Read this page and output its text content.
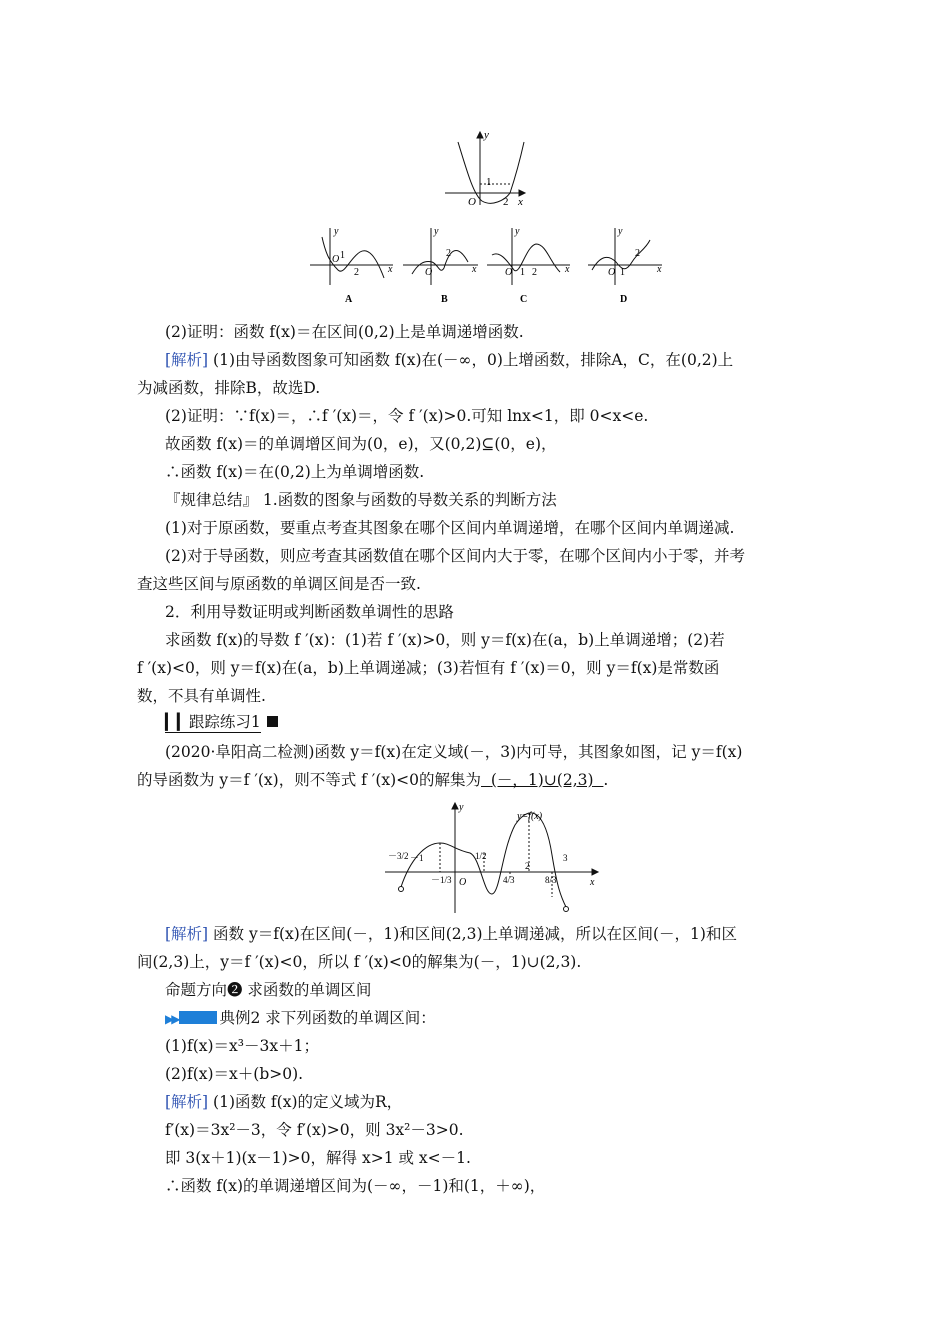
y
x
O
1
2
y
x
y
x
y
x
y
x
O 1
2	O
2
O 1 2	O 1
2
A	B	C	D
(2)证明：函数 f(x)＝在区间(0,2)上是单调递增函数.
[解析] (1)由导函数图象可知函数 f(x)在(－∞，0)上增函数，排除A，C，在(0,2)上
为减函数，排除B，故选D.
(2)证明：∵f(x)＝，∴f ′(x)＝，令 f ′(x)>0.可知 lnx<1，即 0<x<e.
故函数 f(x)＝的单调增区间为(0，e)，又(0,2)⊆(0，e)，
∴函数 f(x)＝在(0,2)上为单调增函数.
『规律总结』 1.函数的图象与函数的导数关系的判断方法
(1)对于原函数，要重点考查其图象在哪个区间内单调递增，在哪个区间内单调递减.
(2)对于导函数，则应考查其函数值在哪个区间内大于零，在哪个区间内小于零，并考
查这些区间与原函数的单调区间是否一致.
2．利用导数证明或判断函数单调性的思路
求函数 f(x)的导数 f ′(x)：(1)若 f ′(x)>0，则 y＝f(x)在(a，b)上单调递增；(2)若
f ′(x)<0，则 y＝f(x)在(a，b)上单调递减；(3)若恒有 f ′(x)＝0，则 y＝f(x)是常数函
数，不具有单调性.
▎▎跟踪练习1
(2020·阜阳高二检测)函数 y＝f(x)在定义域(－，3)内可导，其图象如图，记 y＝f(x)
的导函数为 y＝f ′(x)，则不等式 f ′(x)<0的解集为 (－，1)∪(2,3) .
y
x
O
y=f(x)
－3/2 －1	1/2
2
3
－1/3	4/3	8/3
[解析] 函数 y＝f(x)在区间(－，1)和区间(2,3)上单调递减，所以在区间(－，1)和区
间(2,3)上，y＝f ′(x)<0，所以 f ′(x)<0的解集为(－，1)∪(2,3).
命题方向❷ 求函数的单调区间
▶▶	典例2 求下列函数的单调区间：
(1)f(x)＝x³－3x＋1；
(2)f(x)＝x＋(b>0).
[解析] (1)函数 f(x)的定义域为R，
f′(x)＝3x²－3，令 f′(x)>0，则 3x²－3>0.
即 3(x＋1)(x－1)>0，解得 x>1 或 x<－1.
∴函数 f(x)的单调递增区间为(－∞，－1)和(1，＋∞)，
